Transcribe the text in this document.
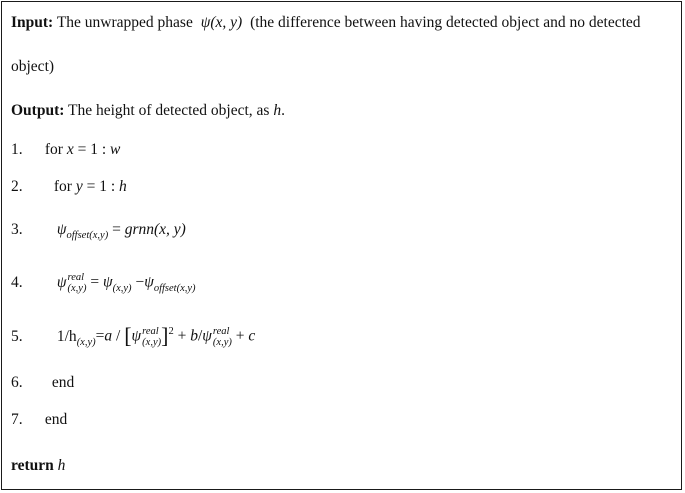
Input: The unwrapped phase ψ(x, y) (the difference between having detected object and no detected
object)
Output: The height of detected object, as h.
1. for x = 1 : w
2. for y = 1 : h
3. $\psi_{offset(x,y)}$ = grnn(x, y)
4. ψ real
$(x,y) = \psi_{(x,y)} -\psi_{offset(x,y)}$
5. $1/h_{(x,y)}=a / [\psi$ real
(x,y) ]$^2$ + b/ψ real
(x,y) + c
6. end
7. end
return h
